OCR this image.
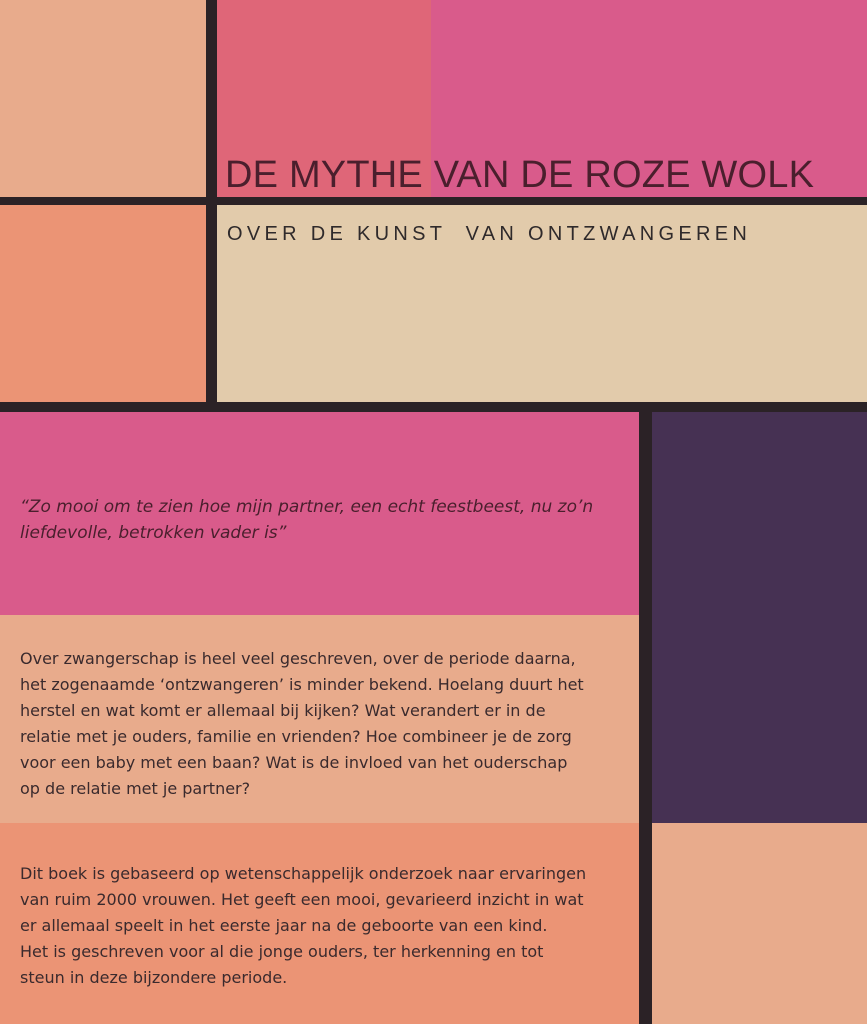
DE MYTHE VAN DE ROZE WOLK

OVER DE KUNST  VAN ONTZWANGEREN

“Zo mooi om te zien hoe mijn partner, een echt feestbeest, nu zo’n liefdevolle, betrokken vader is”

Over zwangerschap is heel veel geschreven, over de periode daarna,
het zogenaamde ‘ontzwangeren’ is minder bekend. Hoelang duurt het
herstel en wat komt er allemaal bij kijken? Wat verandert er in de
relatie met je ouders, familie en vrienden? Hoe combineer je de zorg
voor een baby met een baan? Wat is de invloed van het ouderschap
op de relatie met je partner?

Dit boek is gebaseerd op wetenschappelijk onderzoek naar ervaringen
van ruim 2000 vrouwen. Het geeft een mooi, gevarieerd inzicht in wat
er allemaal speelt in het eerste jaar na de geboorte van een kind.
Het is geschreven voor al die jonge ouders, ter herkenning en tot
steun in deze bijzondere periode.
